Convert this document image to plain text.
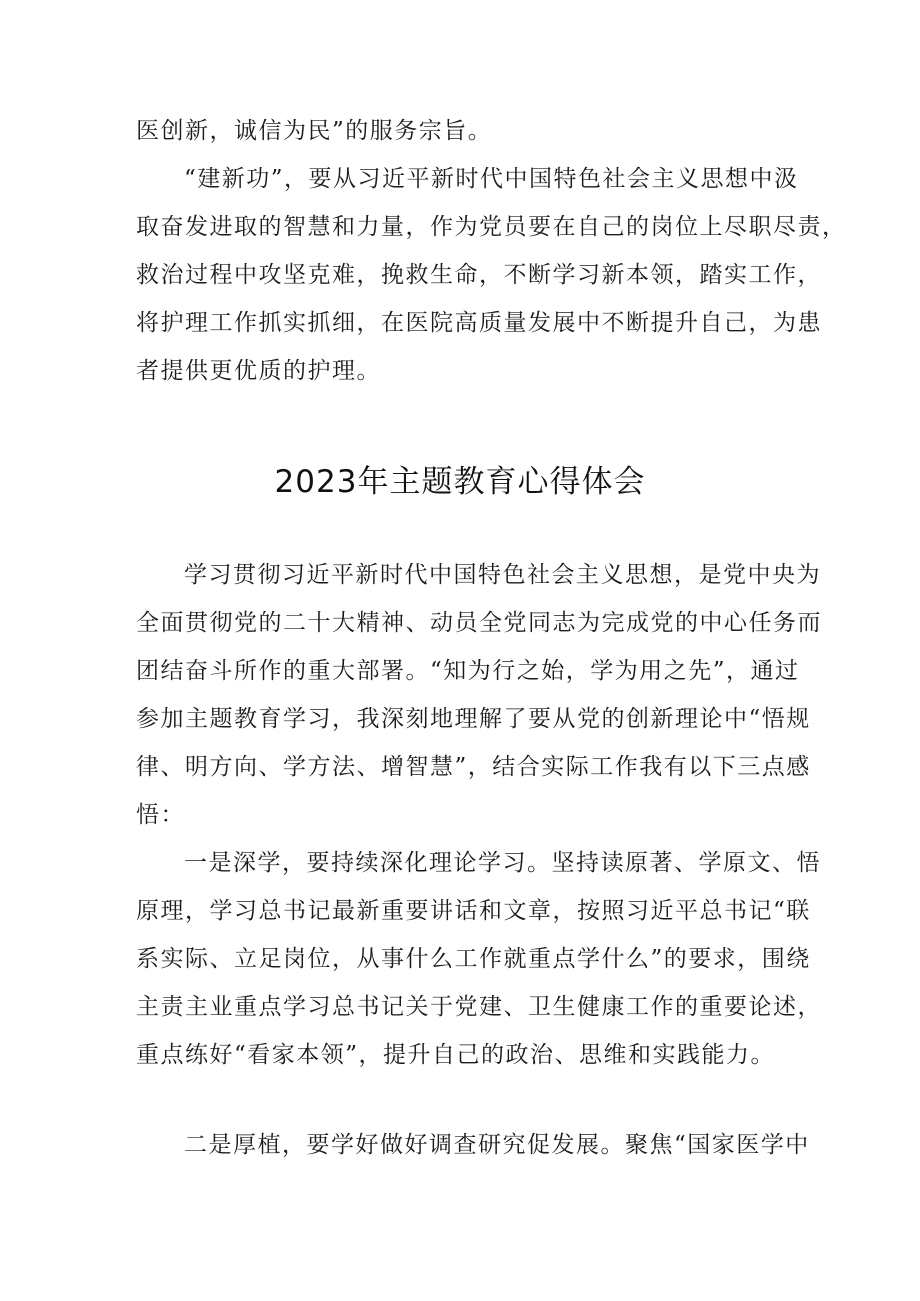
医创新，诚信为民”的服务宗旨。
“建新功”，要从习近平新时代中国特色社会主义思想中汲
取奋发进取的智慧和力量，作为党员要在自己的岗位上尽职尽责，
救治过程中攻坚克难，挽救生命，不断学习新本领，踏实工作，
将护理工作抓实抓细，在医院高质量发展中不断提升自己，为患
者提供更优质的护理。
2023年主题教育心得体会
学习贯彻习近平新时代中国特色社会主义思想，是党中央为
全面贯彻党的二十大精神、动员全党同志为完成党的中心任务而
团结奋斗所作的重大部署。“知为行之始，学为用之先”，通过
参加主题教育学习，我深刻地理解了要从党的创新理论中“悟规
律、明方向、学方法、增智慧”，结合实际工作我有以下三点感
悟：
一是深学，要持续深化理论学习。坚持读原著、学原文、悟
原理，学习总书记最新重要讲话和文章，按照习近平总书记“联
系实际、立足岗位，从事什么工作就重点学什么”的要求，围绕
主责主业重点学习总书记关于党建、卫生健康工作的重要论述，
重点练好“看家本领”，提升自己的政治、思维和实践能力。
二是厚植，要学好做好调查研究促发展。聚焦“国家医学中
